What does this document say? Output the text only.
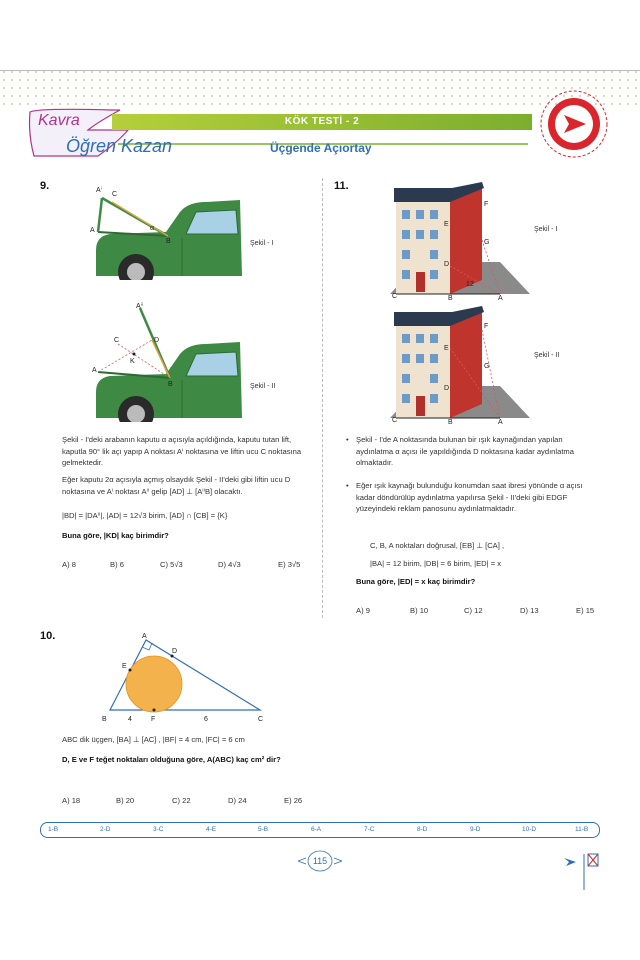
Kavra
Öğren Kazan
KÖK TESTİ - 2
Üçgende Açıortay
9.	Aⁱ
C
A
B
α
Şekil - I
Aⁱⁱ
C	D
K
A
B	Şekil - II
Şekil - I'deki arabanın kaputu α açısıyla açıldığında, kaputu tutan lift, kaputla 90° lik açı yapıp A noktası Aⁱ noktasına ve liftin ucu C noktasına gelmektedir.
Eğer kaputu 2α açısıyla açmış olsaydık Şekil - II'deki gibi liftin ucu D noktasına ve Aⁱ noktası Aⁱⁱ gelip [AD] ⊥ [AⁱⁱB] olacaktı.
|BD| = |DAⁱⁱ|, |AD| = 12√3 birim, [AD] ∩ [CB] = {K}
Buna göre, |KD| kaç birimdir?
A) 8	B) 6	C) 5√3	D) 4√3	E) 3√5
10.	A
B	C
D
E
F
4	6
ABC dik üçgen, [BA] ⊥ [AC] , |BF| = 4 cm, |FC| = 6 cm
D, E ve F teğet noktaları olduğuna göre, A(ABC) kaç cm² dir?
A) 18	B) 20	C) 22	D) 24	E) 26
11.
C	B	A
E
D
F
G
12
Şekil - I
C	B	A
E
D
F
G
Şekil - II
• Şekil - I'de A noktasında bulunan bir ışık kaynağından yapılan aydınlatma α açısı ile yapıldığında D noktasına kadar aydınlatma olmaktadır.
• Eğer ışık kaynağı bulunduğu konumdan saat ibresi yönünde α açısı kadar döndürülüp aydınlatma yapılırsa Şekil - II'deki gibi EDGF yüzeyindeki reklam panosunu aydınlatmaktadır.
C, B, A noktaları doğrusal, [EB] ⊥ [CA] ,
|BA| = 12 birim, |DB| = 6 birim, |ED| = x
Buna göre, |ED| = x kaç birimdir?
A) 9	B) 10	C) 12	D) 13	E) 15
1-B	2-D	3-C	4-E	5-B	6-A	7-C	8-D	9-D	10-D	11-B
115
